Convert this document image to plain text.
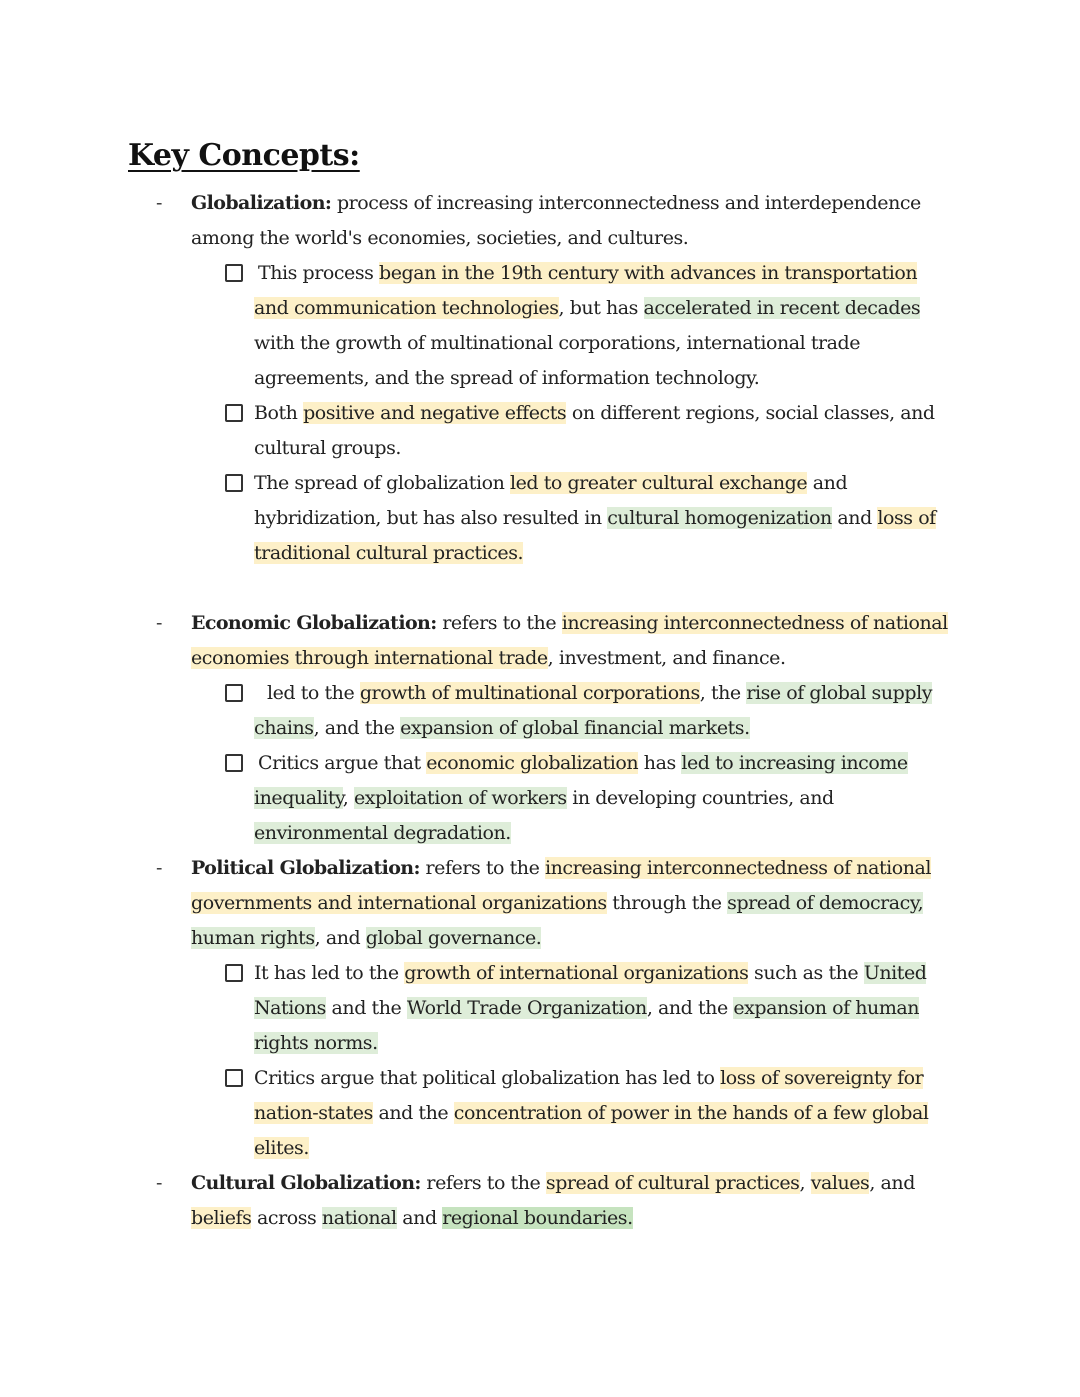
Key Concepts:
- Globalization: process of increasing interconnectedness and interdependence
among the world's economies, societies, and cultures.
This process began in the 19th century with advances in transportation
and communication technologies, but has accelerated in recent decades
with the growth of multinational corporations, international trade
agreements, and the spread of information technology.
Both positive and negative effects on different regions, social classes, and
cultural groups.
The spread of globalization led to greater cultural exchange and
hybridization, but has also resulted in cultural homogenization and loss of
traditional cultural practices.
- Economic Globalization: refers to the increasing interconnectedness of national
economies through international trade, investment, and finance.
led to the growth of multinational corporations, the rise of global supply
chains, and the expansion of global financial markets.
Critics argue that economic globalization has led to increasing income
inequality, exploitation of workers in developing countries, and
environmental degradation.
- Political Globalization: refers to the increasing interconnectedness of national
governments and international organizations through the spread of democracy,
human rights, and global governance.
It has led to the growth of international organizations such as the United
Nations and the World Trade Organization, and the expansion of human
rights norms.
Critics argue that political globalization has led to loss of sovereignty for
nation-states and the concentration of power in the hands of a few global
elites.
- Cultural Globalization: refers to the spread of cultural practices, values, and
beliefs across national and regional boundaries.
